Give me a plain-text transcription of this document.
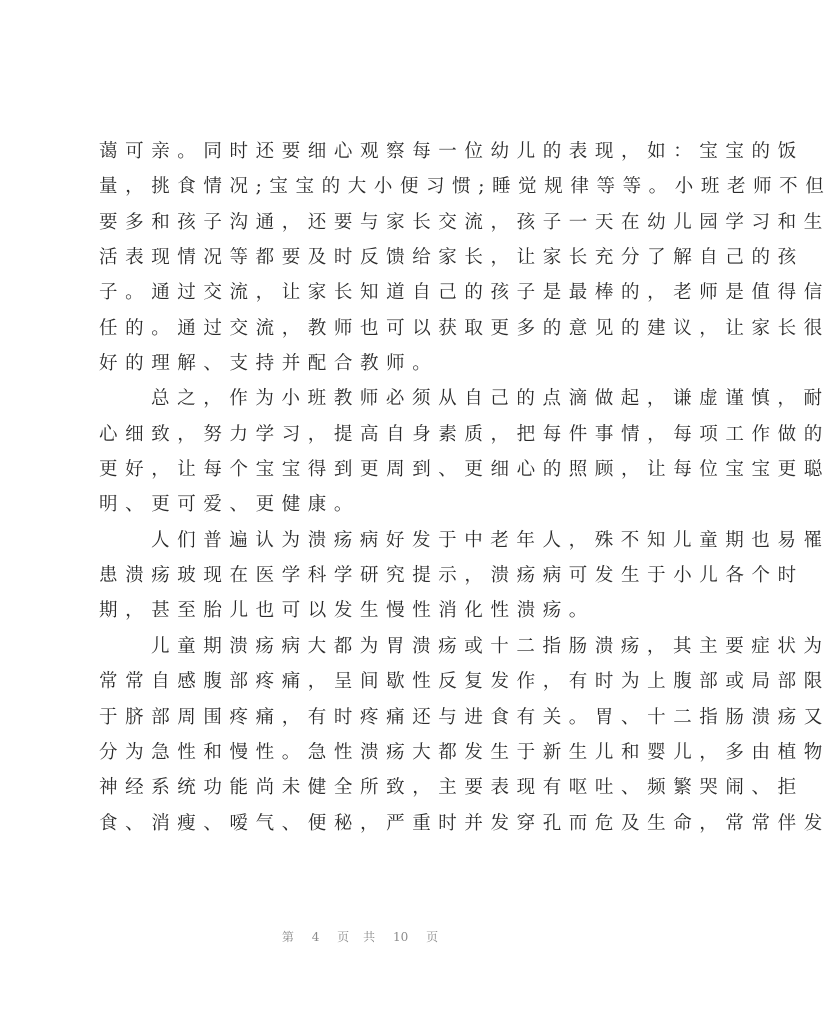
蔼可亲。同时还要细心观察每一位幼儿的表现，如：宝宝的饭
量，挑食情况;宝宝的大小便习惯;睡觉规律等等。小班老师不但
要多和孩子沟通，还要与家长交流，孩子一天在幼儿园学习和生
活表现情况等都要及时反馈给家长，让家长充分了解自己的孩
子。通过交流，让家长知道自己的孩子是最棒的，老师是值得信
任的。通过交流，教师也可以获取更多的意见的建议，让家长很
好的理解、支持并配合教师。
总之，作为小班教师必须从自己的点滴做起，谦虚谨慎，耐
心细致，努力学习，提高自身素质，把每件事情，每项工作做的
更好，让每个宝宝得到更周到、更细心的照顾，让每位宝宝更聪
明、更可爱、更健康。
人们普遍认为溃疡病好发于中老年人，殊不知儿童期也易罹
患溃疡玻现在医学科学研究提示，溃疡病可发生于小儿各个时
期，甚至胎儿也可以发生慢性消化性溃疡。
儿童期溃疡病大都为胃溃疡或十二指肠溃疡，其主要症状为
常常自感腹部疼痛，呈间歇性反复发作，有时为上腹部或局部限
于脐部周围疼痛，有时疼痛还与进食有关。胃、十二指肠溃疡又
分为急性和慢性。急性溃疡大都发生于新生儿和婴儿，多由植物
神经系统功能尚未健全所致，主要表现有呕吐、频繁哭闹、拒
食、消瘦、嗳气、便秘，严重时并发穿孔而危及生命，常常伴发
第 4 页 共 10 页
